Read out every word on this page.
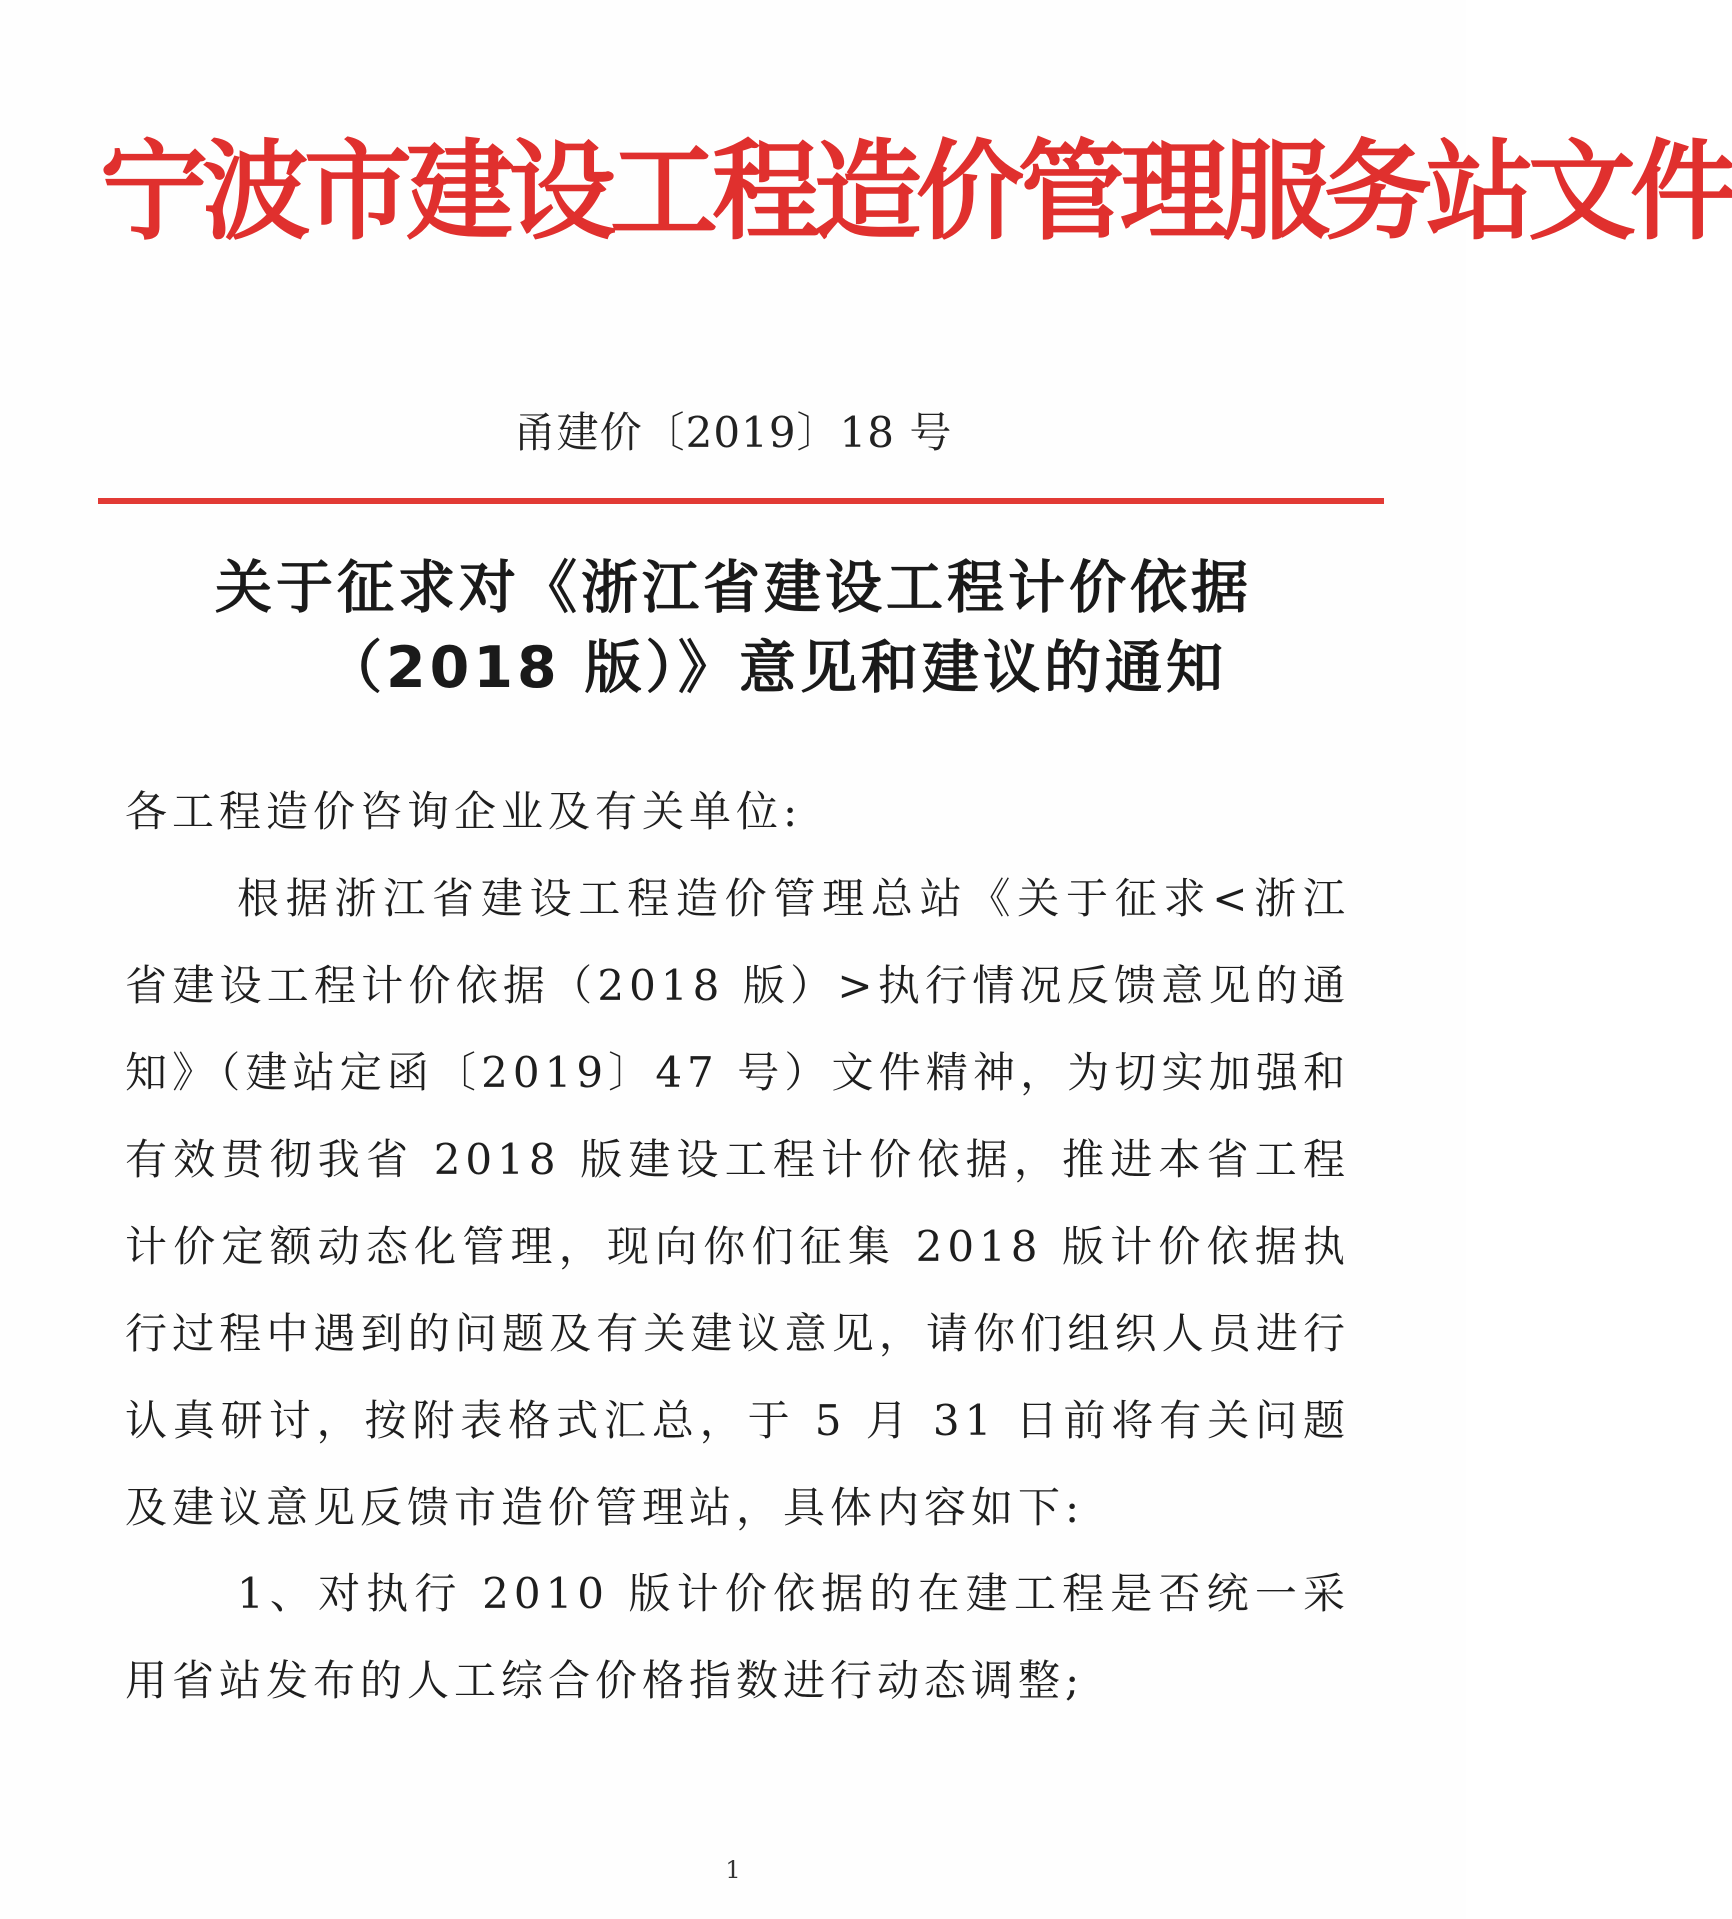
宁波市建设工程造价管理服务站文件
甬建价〔2019〕18 号
关于征求对《浙江省建设工程计价依据
（2018 版）》意见和建议的通知
各工程造价咨询企业及有关单位:
根据浙江省建设工程造价管理总站《关于征求<浙江省建设工程计价依据（2018 版）>执行情况反馈意见的通知》（建站定函〔2019〕47 号）文件精神，为切实加强和有效贯彻我省 2018 版建设工程计价依据，推进本省工程计价定额动态化管理，现向你们征集 2018 版计价依据执行过程中遇到的问题及有关建议意见，请你们组织人员进行认真研讨，按附表格式汇总，于 5 月 31 日前将有关问题及建议意见反馈市造价管理站，具体内容如下:
1、对执行 2010 版计价依据的在建工程是否统一采用省站发布的人工综合价格指数进行动态调整;
1
